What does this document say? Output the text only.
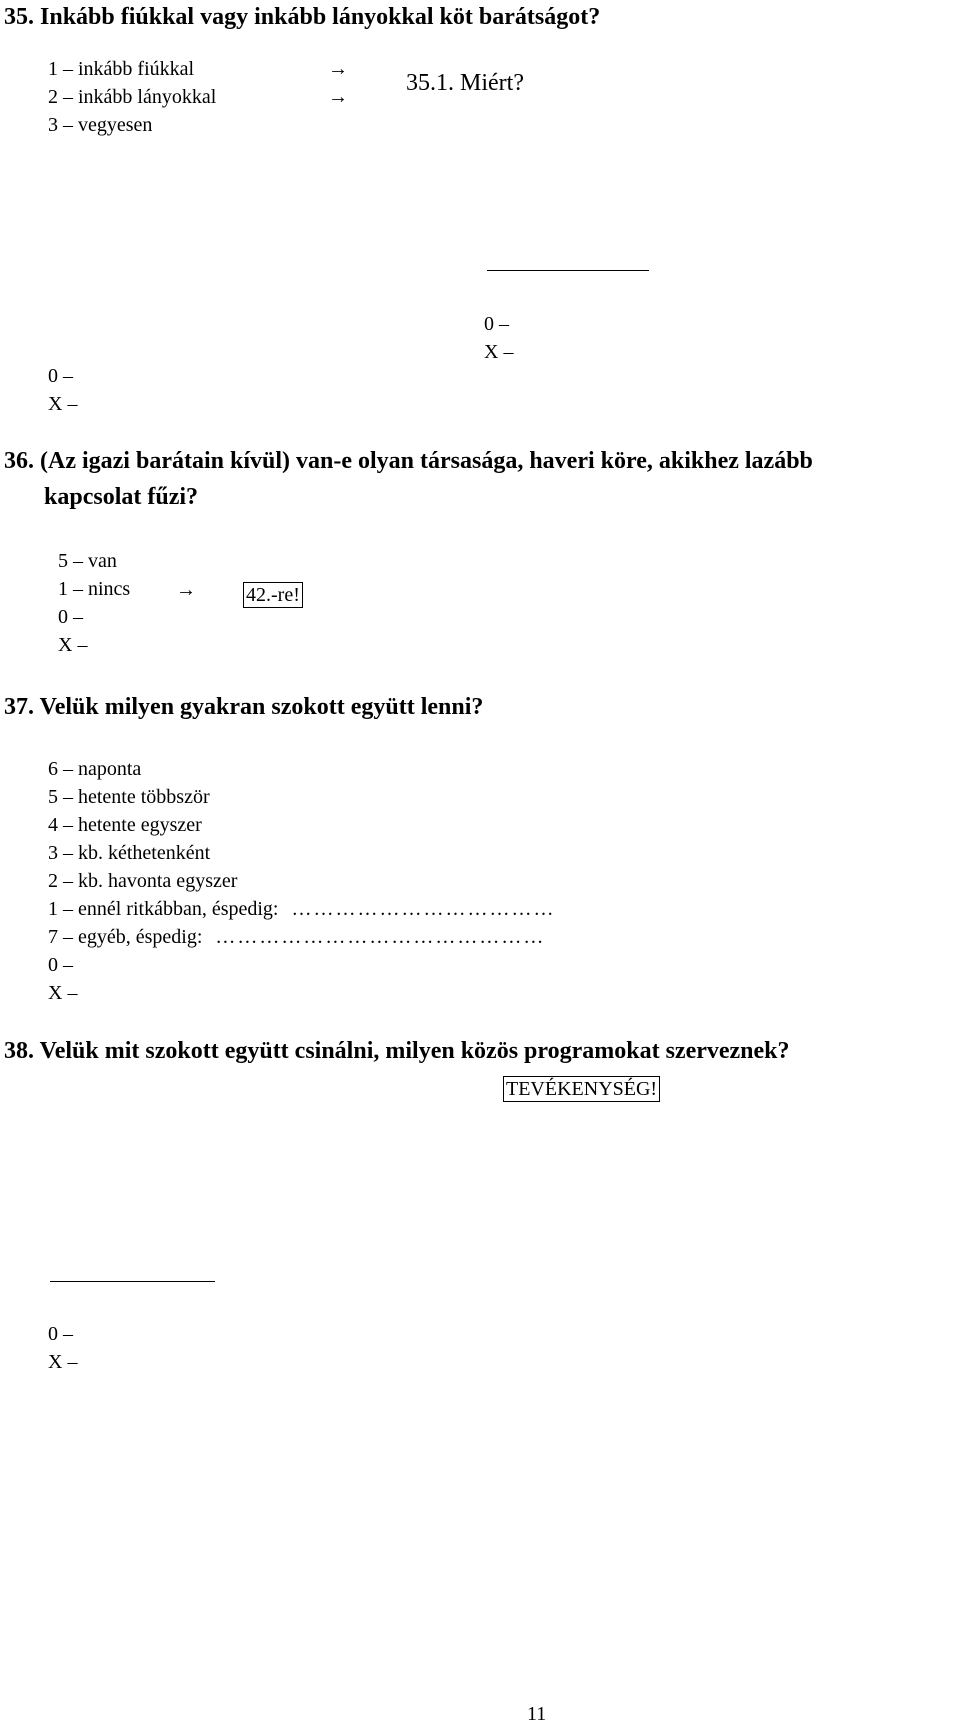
35. Inkább fiúkkal vagy inkább lányokkal köt barátságot?
1 – inkább fiúkkal
2 – inkább lányokkal
3 – vegyesen
→
→
35.1. Miért?
0 –
X –
0 –
X –
36. (Az igazi barátain kívül) van-e olyan társasága, haveri köre, akikhez lazább
kapcsolat fűzi?
5 – van
1 – nincs →	42.-re!
0 –
X –
37. Velük milyen gyakran szokott együtt lenni?
6 – naponta
5 – hetente többször
4 – hetente egyszer
3 – kb. kéthetenként
2 – kb. havonta egyszer
1 – ennél ritkábban, éspedig: ………………………………
7 – egyéb, éspedig: ………………………………………
0 –
X –
38. Velük mit szokott együtt csinálni, milyen közös programokat szerveznek?
TEVÉKENYSÉG!
0 –
X –
11
